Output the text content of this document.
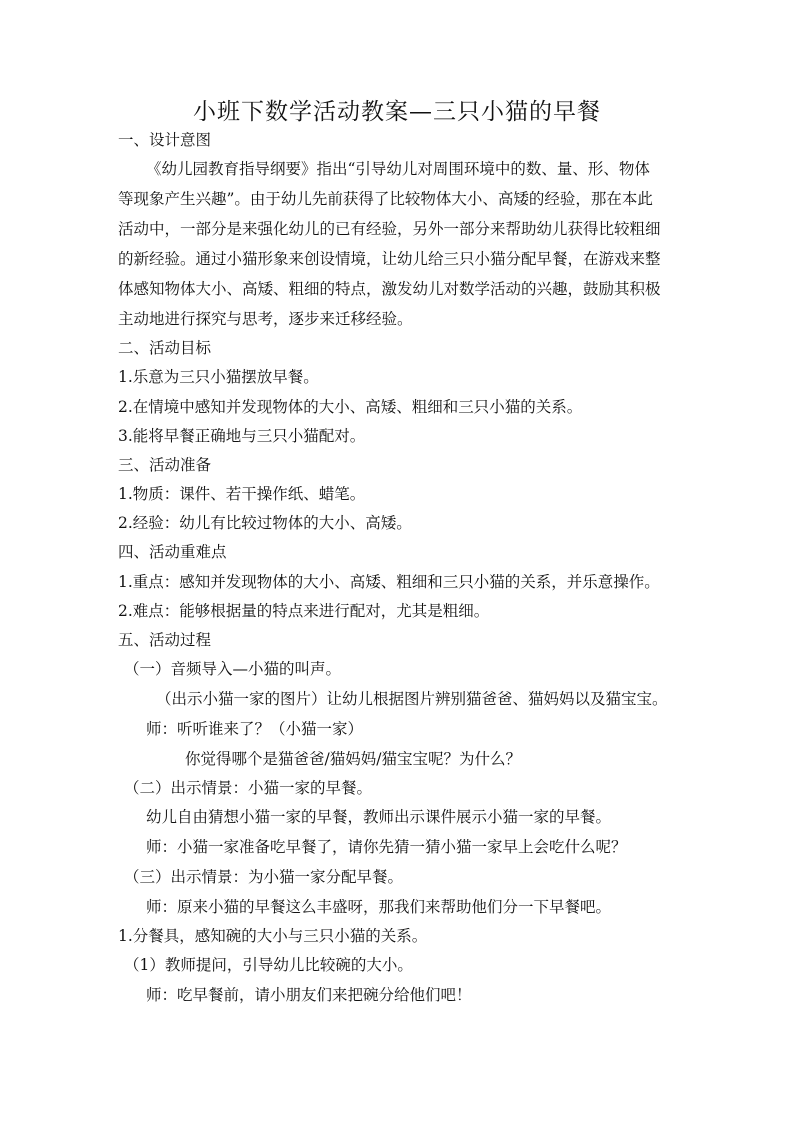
小班下数学活动教案—三只小猫的早餐
一、设计意图
《幼儿园教育指导纲要》指出“引导幼儿对周围环境中的数、量、形、物体
等现象产生兴趣”。由于幼儿先前获得了比较物体大小、高矮的经验，那在本此
活动中，一部分是来强化幼儿的已有经验，另外一部分来帮助幼儿获得比较粗细
的新经验。通过小猫形象来创设情境，让幼儿给三只小猫分配早餐，在游戏来整
体感知物体大小、高矮、粗细的特点，激发幼儿对数学活动的兴趣，鼓励其积极
主动地进行探究与思考，逐步来迁移经验。
二、活动目标
1.乐意为三只小猫摆放早餐。
2.在情境中感知并发现物体的大小、高矮、粗细和三只小猫的关系。
3.能将早餐正确地与三只小猫配对。
三、活动准备
1.物质：课件、若干操作纸、蜡笔。
2.经验：幼儿有比较过物体的大小、高矮。
四、活动重难点
1.重点：感知并发现物体的大小、高矮、粗细和三只小猫的关系，并乐意操作。
2.难点：能够根据量的特点来进行配对，尤其是粗细。
五、活动过程
（一）音频导入—小猫的叫声。
（出示小猫一家的图片）让幼儿根据图片辨别猫爸爸、猫妈妈以及猫宝宝。
师：听听谁来了？（小猫一家）
你觉得哪个是猫爸爸/猫妈妈/猫宝宝呢？为什么？
（二）出示情景：小猫一家的早餐。
幼儿自由猜想小猫一家的早餐，教师出示课件展示小猫一家的早餐。
师：小猫一家准备吃早餐了，请你先猜一猜小猫一家早上会吃什么呢？
（三）出示情景：为小猫一家分配早餐。
师：原来小猫的早餐这么丰盛呀，那我们来帮助他们分一下早餐吧。
1.分餐具，感知碗的大小与三只小猫的关系。
（1）教师提问，引导幼儿比较碗的大小。
师：吃早餐前，请小朋友们来把碗分给他们吧！
